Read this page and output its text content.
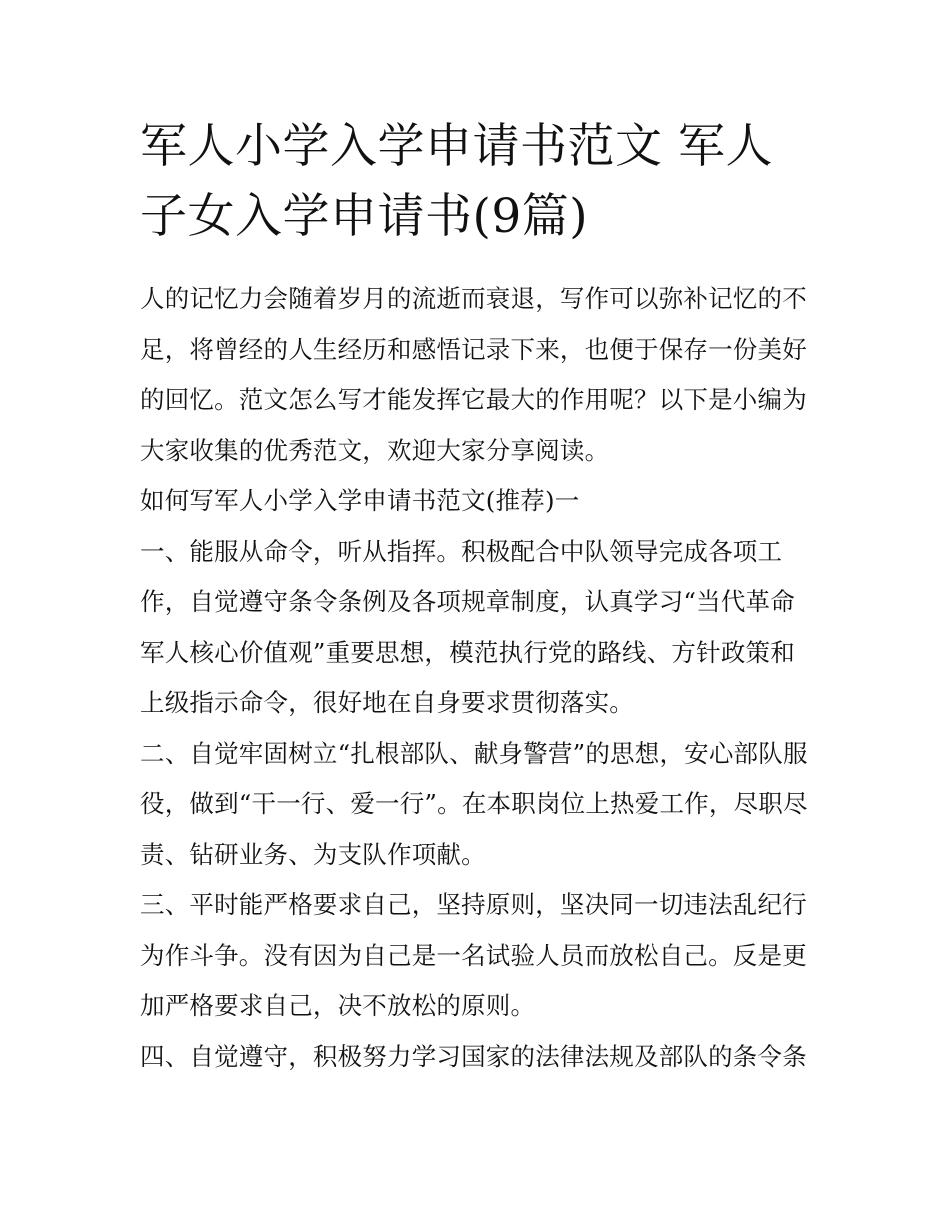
军人小学入学申请书范文 军人子女入学申请书(9篇)

人的记忆力会随着岁月的流逝而衰退，写作可以弥补记忆的不足，将曾经的人生经历和感悟记录下来，也便于保存一份美好的回忆。范文怎么写才能发挥它最大的作用呢？以下是小编为大家收集的优秀范文，欢迎大家分享阅读。

如何写军人小学入学申请书范文(推荐)一

一、能服从命令，听从指挥。积极配合中队领导完成各项工作，自觉遵守条令条例及各项规章制度，认真学习“当代革命军人核心价值观”重要思想，模范执行党的路线、方针政策和上级指示命令，很好地在自身要求贯彻落实。

二、自觉牢固树立“扎根部队、献身警营”的思想，安心部队服役，做到“干一行、爱一行”。在本职岗位上热爱工作，尽职尽责、钻研业务、为支队作项献。

三、平时能严格要求自己，坚持原则，坚决同一切违法乱纪行为作斗争。没有因为自己是一名试验人员而放松自己。反是更加严格要求自己，决不放松的原则。

四、自觉遵守，积极努力学习国家的法律法规及部队的条令条
